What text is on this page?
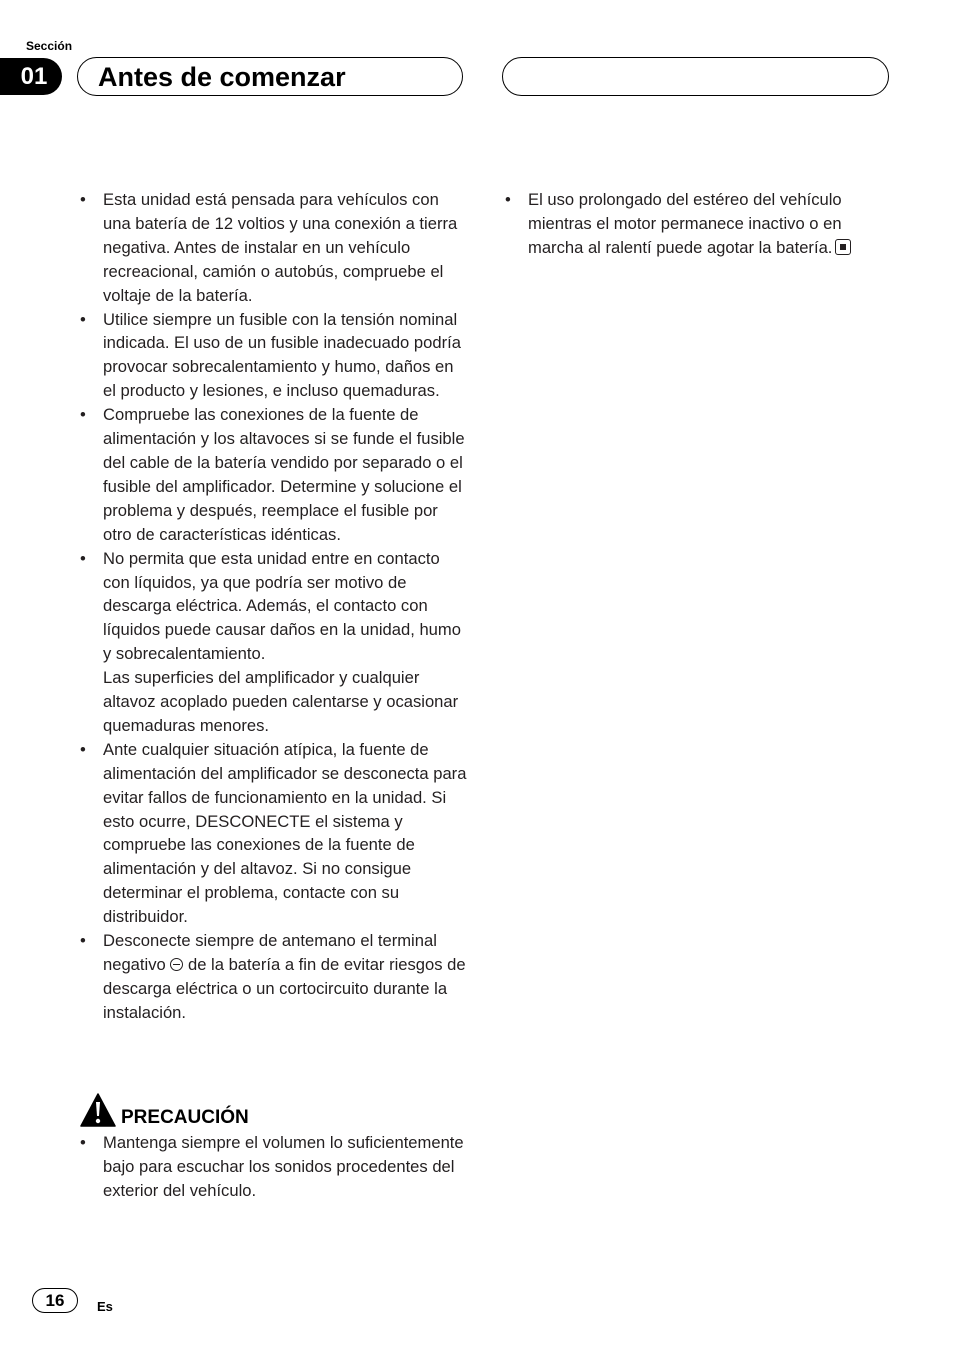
Sección
01	Antes de comenzar
• Esta unidad está pensada para vehículos con una batería de 12 voltios y una conexión a tierra negativa. Antes de instalar en un vehículo recreacional, camión o autobús, compruebe el voltaje de la batería.
• Utilice siempre un fusible con la tensión nominal indicada. El uso de un fusible inadecuado podría provocar sobrecalentamiento y humo, daños en el producto y lesiones, e incluso quemaduras.
• Compruebe las conexiones de la fuente de alimentación y los altavoces si se funde el fusible del cable de la batería vendido por separado o el fusible del amplificador. Determine y solucione el problema y después, reemplace el fusible por otro de características idénticas.
• No permita que esta unidad entre en contacto con líquidos, ya que podría ser motivo de descarga eléctrica. Además, el contacto con líquidos puede causar daños en la unidad, humo y sobrecalentamiento.
Las superficies del amplificador y cualquier altavoz acoplado pueden calentarse y ocasionar quemaduras menores.
• Ante cualquier situación atípica, la fuente de alimentación del amplificador se desconecta para evitar fallos de funcionamiento en la unidad. Si esto ocurre, DESCONECTE el sistema y compruebe las conexiones de la fuente de alimentación y del altavoz. Si no consigue determinar el problema, contacte con su distribuidor.
• Desconecte siempre de antemano el terminal negativo  de la batería a fin de evitar riesgos de descarga eléctrica o un cortocircuito durante la instalación.
PRECAUCIÓN
• Mantenga siempre el volumen lo suficientemente bajo para escuchar los sonidos procedentes del exterior del vehículo.
• El uso prolongado del estéreo del vehículo mientras el motor permanece inactivo o en marcha al ralentí puede agotar la batería.
16	Es
